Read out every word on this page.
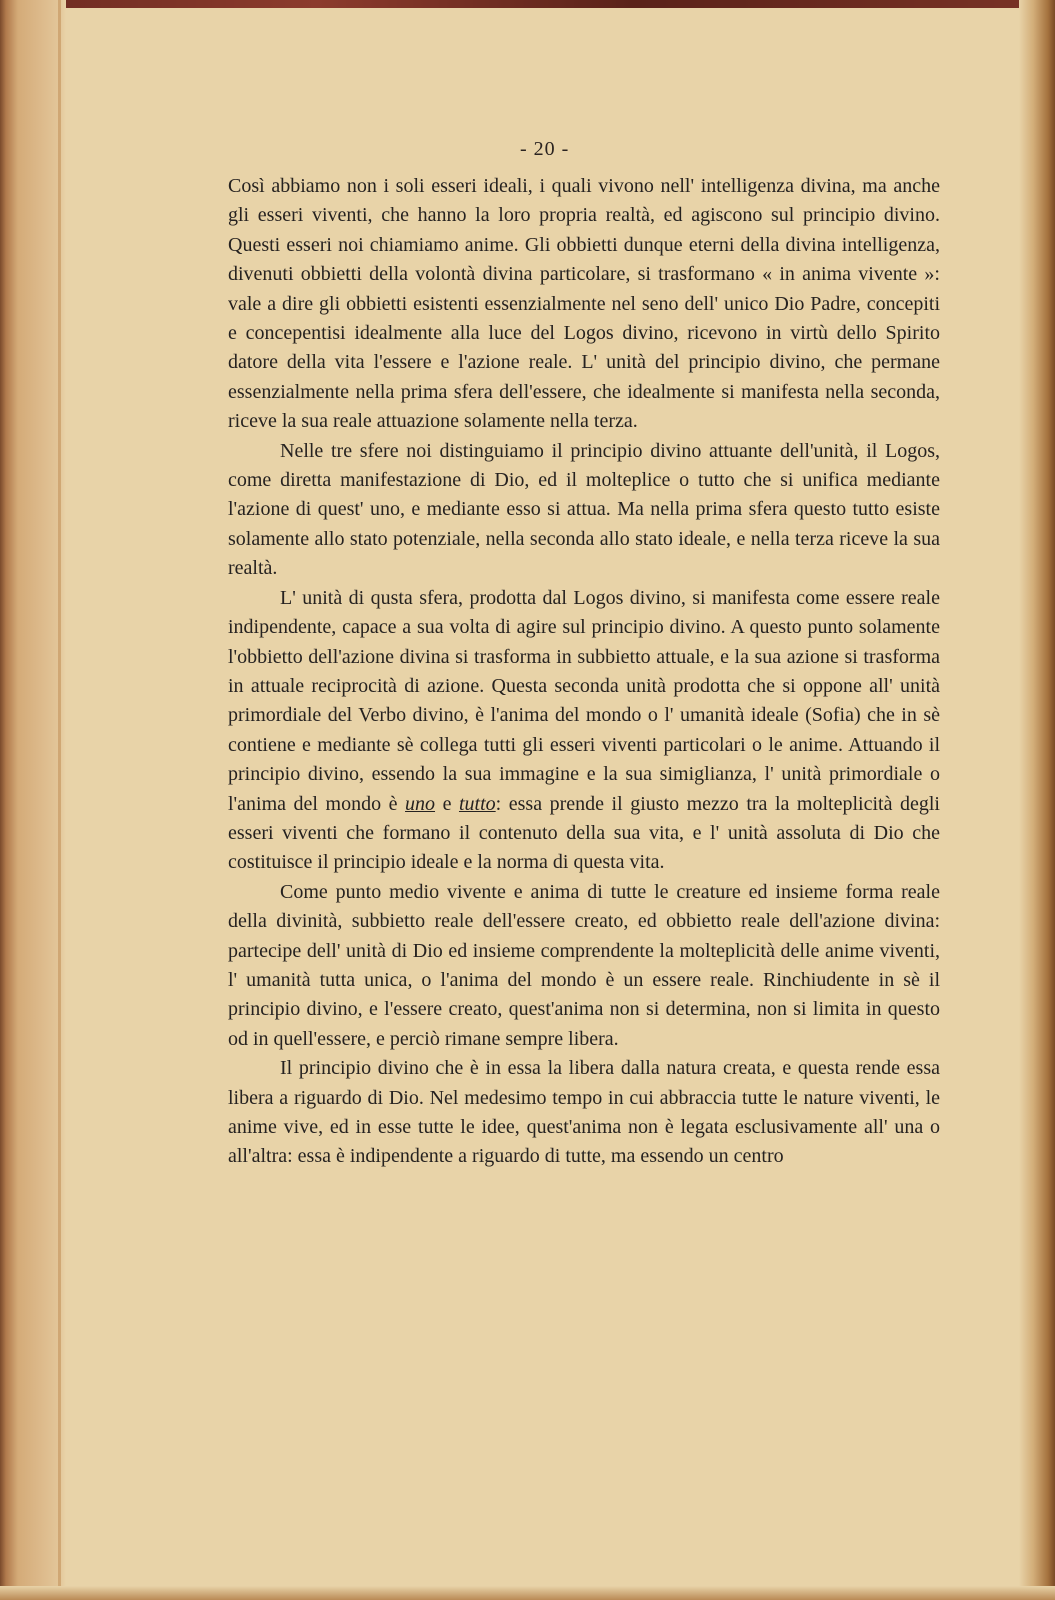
- 20 -

Così abbiamo non i soli esseri ideali, i quali vivono nell' intelligenza divina, ma anche gli esseri viventi, che hanno la loro propria realtà, ed agiscono sul principio divino. Questi esseri noi chiamiamo anime. Gli obbietti dunque eterni della divina intelligenza, divenuti obbietti della volontà divina particolare, si trasformano « in anima vivente »: vale a dire gli obbietti esistenti essenzialmente nel seno dell' unico Dio Padre, concepiti e concepentisi idealmente alla luce del Logos divino, ricevono in virtù dello Spirito datore della vita l'essere e l'azione reale. L' unità del principio divino, che permane essenzialmente nella prima sfera dell'essere, che idealmente si manifesta nella seconda, riceve la sua reale attuazione solamente nella terza.

Nelle tre sfere noi distinguiamo il principio divino attuante dell'unità, il Logos, come diretta manifestazione di Dio, ed il molteplice o tutto che si unifica mediante l'azione di quest' uno, e mediante esso si attua. Ma nella prima sfera questo tutto esiste solamente allo stato potenziale, nella seconda allo stato ideale, e nella terza riceve la sua realtà.

L' unità di qusta sfera, prodotta dal Logos divino, si manifesta come essere reale indipendente, capace a sua volta di agire sul principio divino. A questo punto solamente l'obbietto dell'azione divina si trasforma in subbietto attuale, e la sua azione si trasforma in attuale reciprocità di azione. Questa seconda unità prodotta che si oppone all' unità primordiale del Verbo divino, è l'anima del mondo o l' umanità ideale (Sofia) che in sè contiene e mediante sè collega tutti gli esseri viventi particolari o le anime. Attuando il principio divino, essendo la sua immagine e la sua simiglianza, l' unità primordiale o l'anima del mondo è uno e tutto: essa prende il giusto mezzo tra la molteplicità degli esseri viventi che formano il contenuto della sua vita, e l' unità assoluta di Dio che costituisce il principio ideale e la norma di questa vita.

Come punto medio vivente e anima di tutte le creature ed insieme forma reale della divinità, subbietto reale dell'essere creato, ed obbietto reale dell'azione divina: partecipe dell' unità di Dio ed insieme comprendente la molteplicità delle anime viventi, l' umanità tutta unica, o l'anima del mondo è un essere reale. Rinchiudente in sè il principio divino, e l'essere creato, quest'anima non si determina, non si limita in questo od in quell'essere, e perciò rimane sempre libera.

Il principio divino che è in essa la libera dalla natura creata, e questa rende essa libera a riguardo di Dio. Nel medesimo tempo in cui abbraccia tutte le nature viventi, le anime vive, ed in esse tutte le idee, quest'anima non è legata esclusivamente all' una o all'altra: essa è indipendente a riguardo di tutte, ma essendo un centro
